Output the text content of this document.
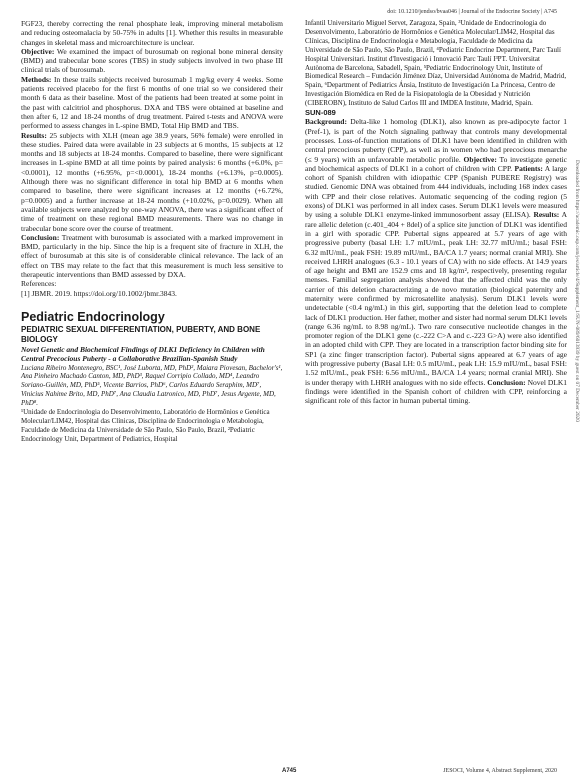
doi: 10.1210/jendso/bvaa046 | Journal of the Endocrine Society | A745
Downloaded from https://academic.oup.com/jes/article/4/Supplement_1/SUN-089/6013939 by guest on 07 December 2020

FGF23, thereby correcting the renal phosphate leak, improving mineral metabolism and reducing osteomalacia by 50-75% in adults [1]. Whether this results in measurable changes in skeletal mass and microarchitecture is unclear.

Objective: We examined the impact of burosumab on regional bone mineral density (BMD) and trabecular bone scores (TBS) in study subjects involved in two phase III clinical trials of burosumab.

Methods: In these trails subjects received burosumab 1 mg/kg every 4 weeks. Some patients received placebo for the first 6 months of one trial so we considered their month 6 data as their baseline. Most of the patients had been treated at some point in the past with calcitriol and phosphorus. DXA and TBS were obtained at baseline and then after 6, 12 and 18-24 months of drug treatment. Paired t-tests and ANOVA were performed to assess changes in L-spine BMD, Total Hip BMD and TBS.

Results: 25 subjects with XLH (mean age 38.9 years, 56% female) were enrolled in these studies. Paired data were available in 23 subjects at 6 months, 15 subjects at 12 months and 18 subjects at 18-24 months. Compared to baseline, there were significant increases in L-spine BMD at all time points by paired analysis: 6 months (+6.0%, p=<0.0001), 12 months (+6.95%, p=<0.0001), 18-24 months (+6.13%, p=0.0005). Although there was no significant difference in total hip BMD at 6 months when compared to baseline, there were significant increases at 12 months (+6.72%, p=0.0005) and a further increase at 18-24 months (+10.02%, p=0.0029). When all available subjects were analyzed by one-way ANOVA, there was a significant effect of time of treatment on these regional BMD measurements. There was no change in trabecular bone score over the course of treatment.

Conclusion: Treatment with burosumab is associated with a marked improvement in BMD, particularly in the hip. Since the hip is a frequent site of fracture in XLH, the effect of burosumab at this site is of considerable clinical relevance. The lack of an effect on TBS may relate to the fact that this measurement is much less sensitive to therapeutic interventions than BMD assessed by DXA.

References:

[1] JBMR. 2019. https://doi.org/10.1002/jbmr.3843.

Pediatric Endocrinology
PEDIATRIC SEXUAL DIFFERENTIATION, PUBERTY, AND BONE BIOLOGY

Novel Genetic and Biochemical Findings of DLK1 Deficiency in Children with Central Precocious Puberty - a Collaborative Brazilian-Spanish Study

Luciana Ribeiro Montenegro, BSC¹, José Luborta, MD, PhD², Maiara Piovesan, Bachelor's¹, Ana Pinheiro Machado Canton, MD, PhD³, Raquel Corripio Collado, MD⁴, Leandro Soriano-Guillén, MD, PhD⁵, Vicente Barrios, PhD⁶, Carlos Eduardo Seraphim, MD⁷, Vinicius Nahime Brito, MD, PhD⁷, Ana Claudia Latronico, MD, PhD⁷, Jesus Argente, MD, PhD⁸.

¹Unidade de Endocrinologia do Desenvolvimento, Laboratório de Hormônios e Genética Molecular/LIM42, Hospital das Clínicas, Disciplina de Endocrinologia e Metabologia, Faculdade de Medicina da Universidade de São Paulo, São Paulo, Brazil, ²Pediatric Endocrinology Unit, Department of Pediatrics, Hospital

Infantil Universitario Miguel Servet, Zaragoza, Spain, ³Unidade de Endocrinologia do Desenvolvimento, Laboratório de Hormônios e Genética Molecular/LIM42, Hospital das Clínicas, Disciplina de Endocrinologia e Metabologia, Faculdade de Medicina da Universidade de São Paulo, São Paulo, Brazil, ⁴Pediatric Endocrine Department, Parc Taulí Hospital Universitari. Institut d'Investigació i Innovació Parc Taulí I³PT. Universitat Autònoma de Barcelona, Sabadell, Spain, ⁵Pediatric Endocrinology Unit, Institute of Biomedical Research – Fundación Jiménez Díaz, Universidad Autónoma de Madrid, Madrid, Spain, ⁶Department of Pediatrics Ánsia, Instituto de Investigación La Princesa, Centro de Investigación Biomédica en Red de la Fisiopatología de la Obesidad y Nutrición (CIBEROBN), Instituto de Salud Carlos III and IMDEA Institute, Madrid, Spain.

SUN-089

Background: Delta-like 1 homolog (DLK1), also known as pre-adipocyte factor 1 (Pref-1), is part of the Notch signaling pathway that controls many developmental processes. Loss-of-function mutations of DLK1 have been identified in children with central precocious puberty (CPP), as well as in women who had precocious menarche (≤ 9 years) with an unfavorable metabolic profile. Objective: To investigate genetic and biochemical aspects of DLK1 in a cohort of children with CPP. Patients: A large cohort of Spanish children with idiopathic CPP (Spanish PUBERE Registry) was studied. Genomic DNA was obtained from 444 individuals, including 168 index cases with CPP and their close relatives. Automatic sequencing of the coding region (5 exons) of DLK1 was performed in all index cases. Serum DLK1 levels were measured by using a soluble DLK1 enzyme-linked immunosorbent assay (ELISA). Results: A rare allelic deletion (c.401_404 + 8del) of a splice site junction of DLK1 was identified in a girl with sporadic CPP. Pubertal signs appeared at 5.7 years of age with progressive puberty (basal LH: 1.7 mIU/mL, peak LH: 32.77 mIU/mL; basal FSH: 6.32 mIU/mL, peak FSH: 19.89 mIU/mL, BA/CA 1.7 years; normal cranial MRI). She received LHRH analogues (6.3 - 10.1 years of CA) with no side effects. At 14.9 years of age height and BMI are 152.9 cms and 18 kg/m², respectively, presenting regular menses. Familial segregation analysis showed that the affected child was the only carrier of this deletion characterizing a de novo mutation (biological paternity and maternity were confirmed by microsatellite analysis). Serum DLK1 levels were undetectable (<0.4 ng/mL) in this girl, supporting that the deletion lead to complete lack of DLK1 production. Her father, mother and sister had normal serum DLK1 levels (range 6.36 ng/mL to 8.98 ng/mL). Two rare consecutive nucleotide changes in the promoter region of the DLK1 gene (c.-222 C>A and c.-223 G>A) were also identified in an adopted child with CPP. They are located in a transcription factor binding site for SP1 (a zinc finger transcription factor). Pubertal signs appeared at 6.7 years of age with progressive puberty (Basal LH: 0.5 mIU/mL, peak LH: 15.9 mIU/mL, basal FSH: 1.52 mIU/mL, peak FSH: 6.56 mIU/mL, BA/CA 1.4 years; normal cranial MRI). She is under therapy with LHRH analogues with no side effects. Conclusion: Novel DLK1 findings were identified in the Spanish cohort of children with CPP, reinforcing a significant role of this factor in human pubertal timing.

A745	JESOCI, Volume 4, Abstract Supplement, 2020
